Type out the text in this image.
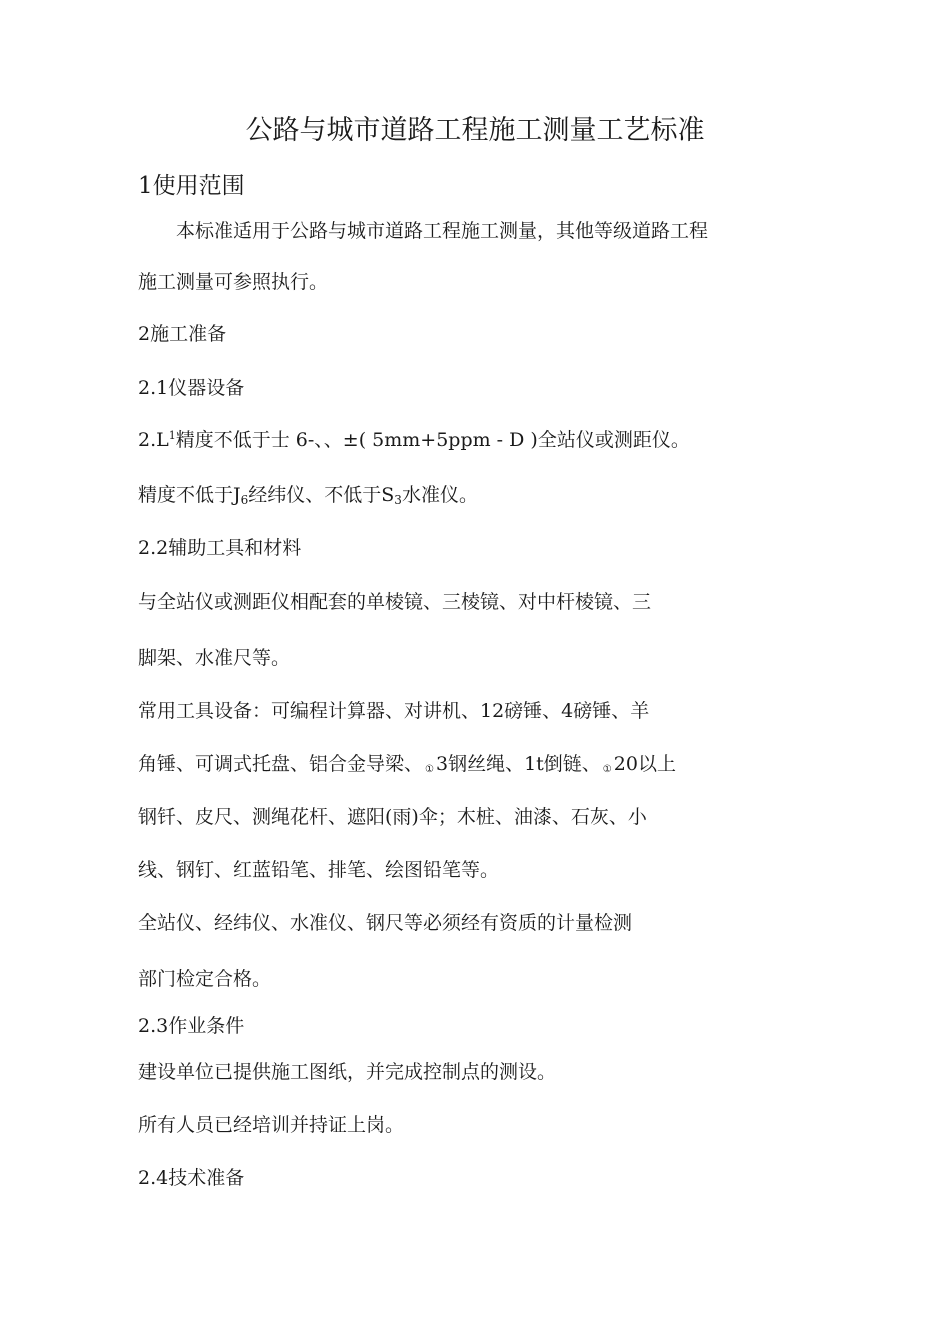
公路与城市道路工程施工测量工艺标准
1使用范围
本标准适用于公路与城市道路工程施工测量，其他等级道路工程
施工测量可参照执行。
2施工准备
2.1仪器设备
$2.L^1$精度不低于士 6-、、±( 5mm+5ppm - D )全站仪或测距仪。
精度不低于$J_6$经纬仪、不低于$S_3$水准仪。
2.2辅助工具和材料
与全站仪或测距仪相配套的单棱镜、三棱镜、对中杆棱镜、三
脚架、水准尺等。
常用工具设备：可编程计算器、对讲机、12磅锤、4磅锤、羊
角锤、可调式托盘、铝合金导梁、 ① 3钢丝绳、1t倒链、 ① 20以上
钢钎、皮尺、测绳花杆、遮阳(雨)伞；木桩、油漆、石灰、小
线、钢钉、红蓝铅笔、排笔、绘图铅笔等。
全站仪、经纬仪、水准仪、钢尺等必须经有资质的计量检测
部门检定合格。
2.3作业条件
建设单位已提供施工图纸，并完成控制点的测设。
所有人员已经培训并持证上岗。
2.4技术准备
